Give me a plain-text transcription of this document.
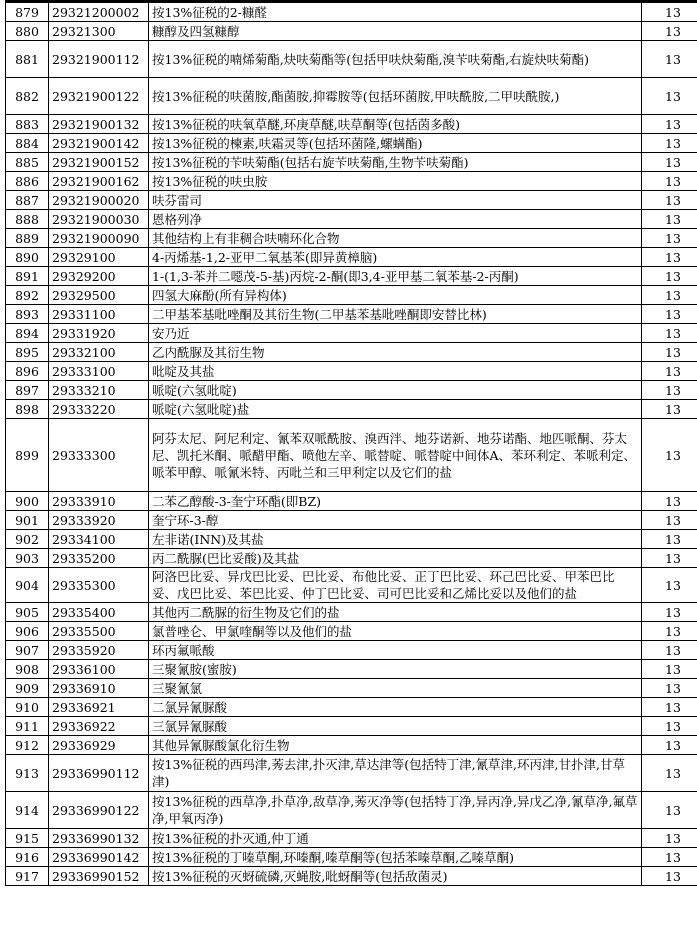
879	29321200002	按13%征税的2-糠醛	13
880	29321300	糠醇及四氢糠醇	13
881	29321900112	按13%征税的喃烯菊酯,炔呋菊酯等(包括甲呋炔菊酯,溴苄呋菊酯,右旋炔呋菊酯)	13
882	29321900122	按13%征税的呋菌胺,酯菌胺,抑霉胺等(包括环菌胺,甲呋酰胺,二甲呋酰胺,)	13
883	29321900132	按13%征税的呋氧草醚,环庚草醚,呋草酮等(包括茵多酸)	13
884	29321900142	按13%征税的楝素,呋霜灵等(包括环菌隆,螺螨酯)	13
885	29321900152	按13%征税的苄呋菊酯(包括右旋苄呋菊酯,生物苄呋菊酯)	13
886	29321900162	按13%征税的呋虫胺	13
887	29321900020	呋芬雷司	13
888	29321900030	恩格列净	13
889	29321900090	其他结构上有非稠合呋喃环化合物	13
890	29329100	4-丙烯基-1,2-亚甲二氧基苯(即异黄樟脑)	13
891	29329200	1-(1,3-苯并二噁茂-5-基)丙烷-2-酮(即3,4-亚甲基二氧苯基-2-丙酮)	13
892	29329500	四氢大麻酚(所有异构体)	13
893	29331100	二甲基苯基吡唑酮及其衍生物(二甲基苯基吡唑酮即安替比林)	13
894	29331920	安乃近	13
895	29332100	乙内酰脲及其衍生物	13
896	29333100	吡啶及其盐	13
897	29333210	哌啶(六氢吡啶)	13
898	29333220	哌啶(六氢吡啶)盐	13
899	29333300	阿芬太尼、阿尼利定、氰苯双哌酰胺、溴西泮、地芬诺新、地芬诺酯、地匹哌酮、芬太尼、凯托米酮、哌醋甲酯、喷他左辛、哌替啶、哌替啶中间体A、苯环利定、苯哌利定、哌苯甲醇、哌氰米特、丙吡兰和三甲利定以及它们的盐	13
900	29333910	二苯乙醇酸-3-奎宁环酯(即BZ)	13
901	29333920	奎宁环-3-醇	13
902	29334100	左非诺(INN)及其盐	13
903	29335200	丙二酰脲(巴比妥酸)及其盐	13
904	29335300	阿洛巴比妥、异戊巴比妥、巴比妥、布他比妥、正丁巴比妥、环己巴比妥、甲苯巴比妥、戊巴比妥、苯巴比妥、仲丁巴比妥、司可巴比妥和乙烯比妥以及他们的盐	13
905	29335400	其他丙二酰脲的衍生物及它们的盐	13
906	29335500	氯普唑仑、甲氯喹酮等以及他们的盐	13
907	29335920	环丙氟哌酸	13
908	29336100	三聚氰胺(蜜胺)	13
909	29336910	三聚氰氯	13
910	29336921	二氯异氰脲酸	13
911	29336922	三氯异氰脲酸	13
912	29336929	其他异氰脲酸氯化衍生物	13
913	29336990112	按13%征税的西玛津,莠去津,扑灭津,草达津等(包括特丁津,氰草津,环丙津,甘扑津,甘草津)	13
914	29336990122	按13%征税的西草净,扑草净,敌草净,莠灭净等(包括特丁净,异丙净,异戊乙净,氰草净,氟草净,甲氧丙净)	13
915	29336990132	按13%征税的扑灭通,仲丁通	13
916	29336990142	按13%征税的丁嗪草酮,环嗪酮,嗪草酮等(包括苯嗪草酮,乙嗪草酮)	13
917	29336990152	按13%征税的灭蚜硫磷,灭蝇胺,吡蚜酮等(包括敌菌灵)	13
